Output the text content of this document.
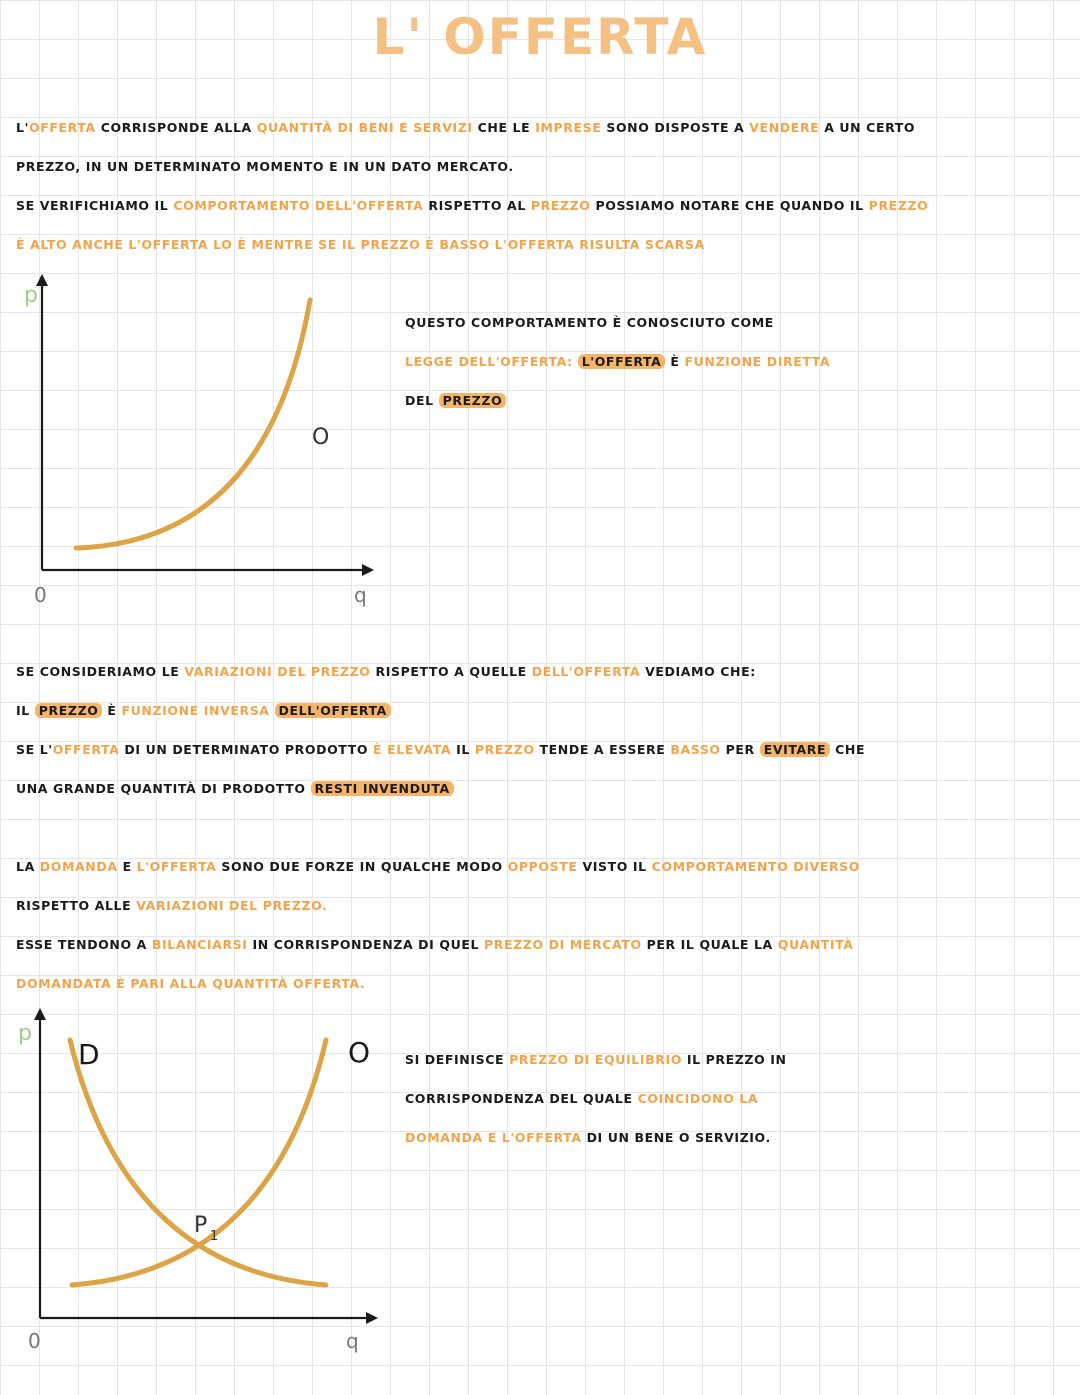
L' OFFERTA
L'OFFERTA CORRISPONDE ALLA QUANTITÀ DI BENI E SERVIZI CHE LE IMPRESE SONO DISPOSTE A VENDERE A UN CERTO
PREZZO, IN UN DETERMINATO MOMENTO E IN UN DATO MERCATO.
SE VERIFICHIAMO IL COMPORTAMENTO DELL'OFFERTA RISPETTO AL PREZZO POSSIAMO NOTARE CHE QUANDO IL PREZZO
È ALTO ANCHE L'OFFERTA LO È MENTRE SE IL PREZZO È BASSO L'OFFERTA RISULTA SCARSA
p
0	q
O
QUESTO COMPORTAMENTO È CONOSCIUTO COME
LEGGE DELL'OFFERTA: L'OFFERTA È FUNZIONE DIRETTA
DEL PREZZO
SE CONSIDERIAMO LE VARIAZIONI DEL PREZZO RISPETTO A QUELLE DELL'OFFERTA VEDIAMO CHE:
IL PREZZO È FUNZIONE INVERSA DELL'OFFERTA
SE L'OFFERTA DI UN DETERMINATO PRODOTTO È ELEVATA IL PREZZO TENDE A ESSERE BASSO PER EVITARE CHE
UNA GRANDE QUANTITÀ DI PRODOTTO RESTI INVENDUTA
LA DOMANDA E L'OFFERTA SONO DUE FORZE IN QUALCHE MODO OPPOSTE VISTO IL COMPORTAMENTO DIVERSO
RISPETTO ALLE VARIAZIONI DEL PREZZO.
ESSE TENDONO A BILANCIARSI IN CORRISPONDENZA DI QUEL PREZZO DI MERCATO PER IL QUALE LA QUANTITÀ
DOMANDATA È PARI ALLA QUANTITÀ OFFERTA.
p
0	q
D	O
P 1
SI DEFINISCE PREZZO DI EQUILIBRIO IL PREZZO IN
CORRISPONDENZA DEL QUALE COINCIDONO LA
DOMANDA E L'OFFERTA DI UN BENE O SERVIZIO.
